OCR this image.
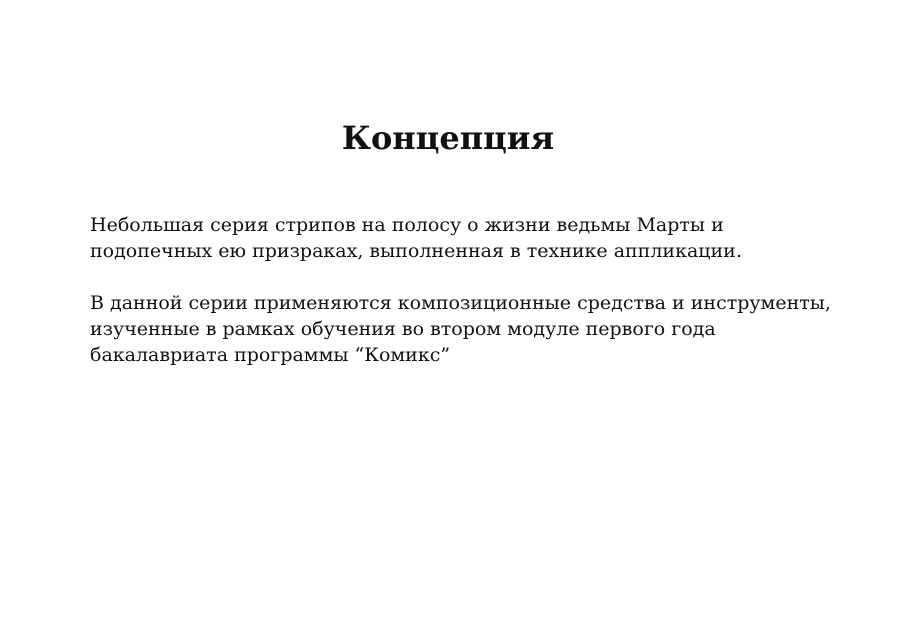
Концепция

Небольшая серия стрипов на полосу о жизни ведьмы Марты и
подопечных ею призраках, выполненная в технике аппликации.

В данной серии применяются композиционные средства и инструменты,
изученные в рамках обучения во втором модуле первого года
бакалавриата программы “Комикс”
